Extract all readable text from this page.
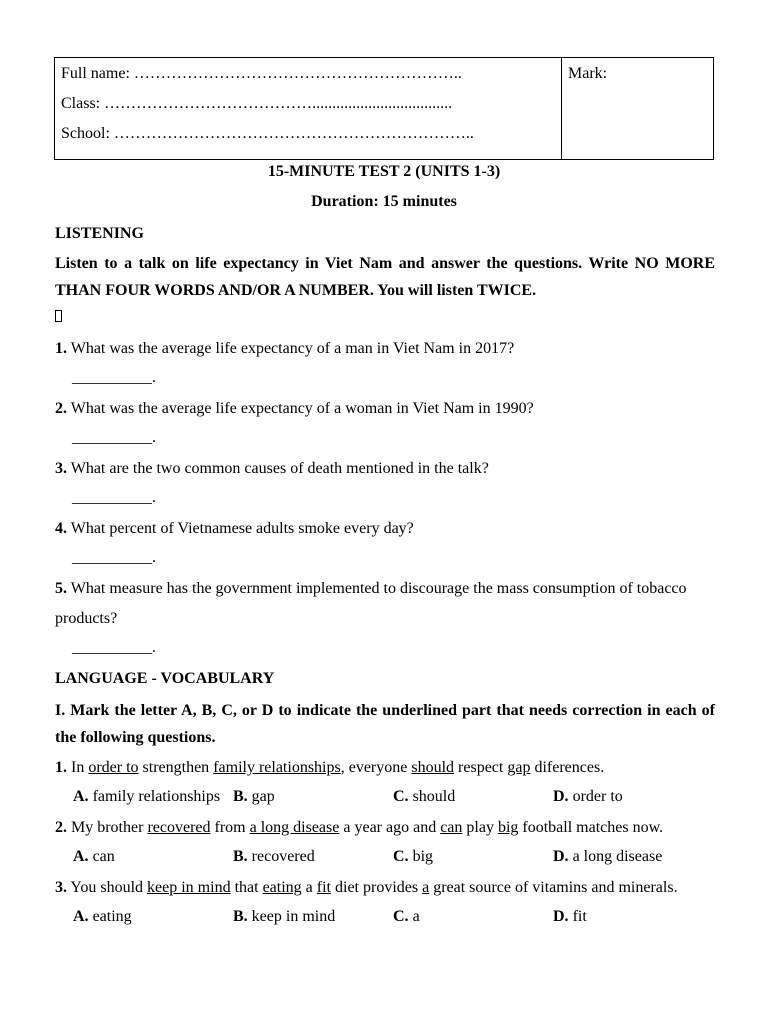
Full name: ……………………………………………………..
Class: …………………………………...................................
School: …………………………………………………………..
Mark:
15-MINUTE TEST 2 (UNITS 1-3)
Duration: 15 minutes
LISTENING
Listen to a talk on life expectancy in Viet Nam and answer the questions. Write NO MORE THAN FOUR WORDS AND/OR A NUMBER. You will listen TWICE.
1. What was the average life expectancy of a man in Viet Nam in 2017?
__________.
2. What was the average life expectancy of a woman in Viet Nam in 1990?
__________.
3. What are the two common causes of death mentioned in the talk?
__________.
4. What percent of Vietnamese adults smoke every day?
__________.
5. What measure has the government implemented to discourage the mass consumption of tobacco
products?
__________.
LANGUAGE - VOCABULARY
I. Mark the letter A, B, C, or D to indicate the underlined part that needs correction in each of the following questions.
1. In order to strengthen family relationships, everyone should respect gap diferences.
A. family relationships B. gap	C. should	D. order to
2. My brother recovered from a long disease a year ago and can play big football matches now.
A. can	B. recovered	C. big	D. a long disease
3. You should keep in mind that eating a fit diet provides a great source of vitamins and minerals.
A. eating	B. keep in mind	C. a	D. fit
